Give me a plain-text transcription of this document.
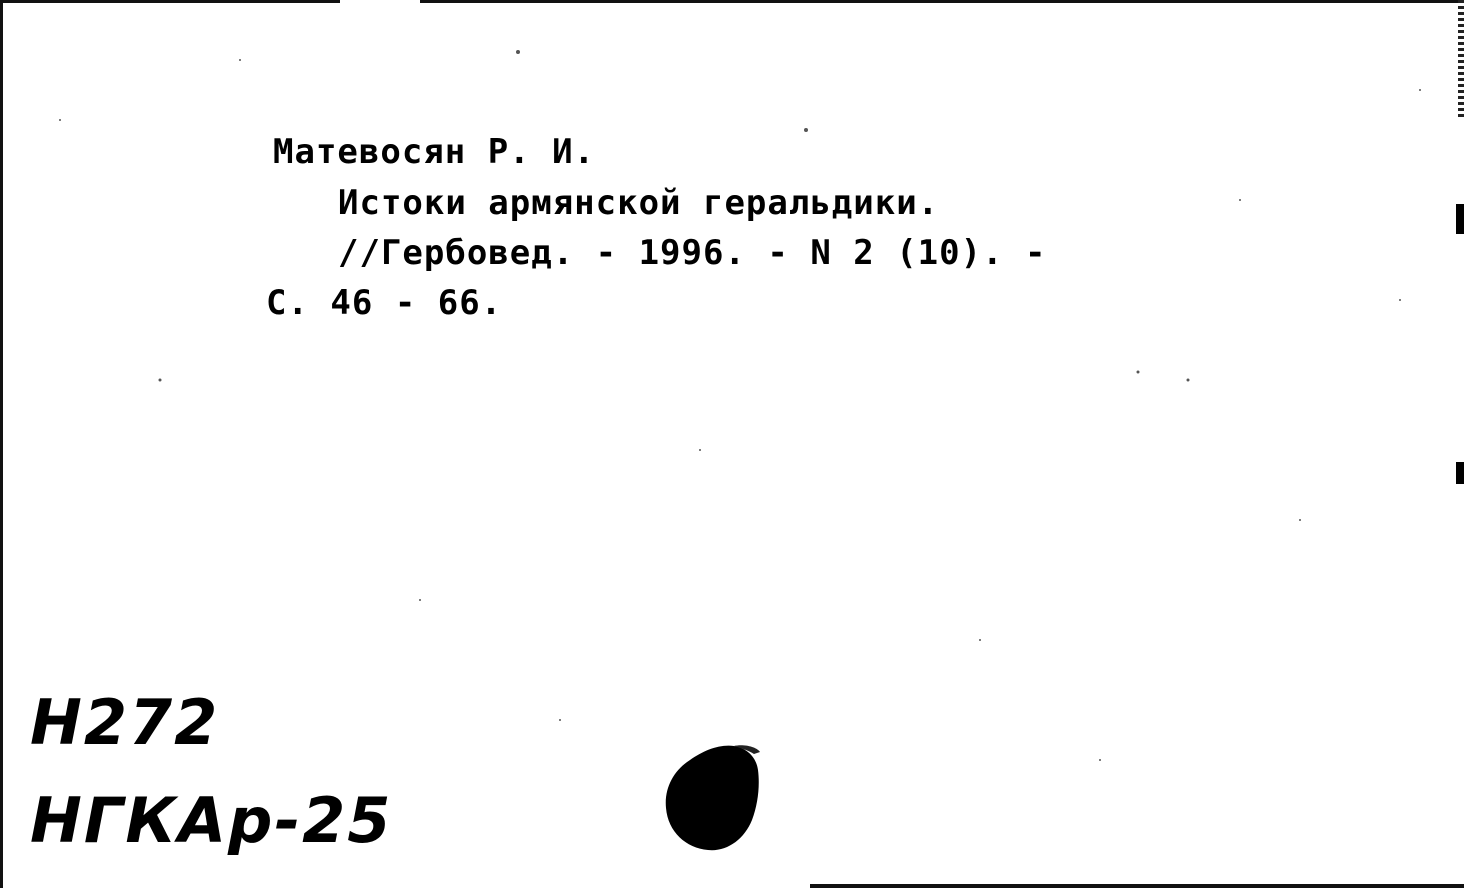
Матевосян Р. И.

Истоки армянской геральдики.

//Гербовед. - 1996. - N 2 (10). -

С. 46 - 66.

Н272

НГКАр-25
